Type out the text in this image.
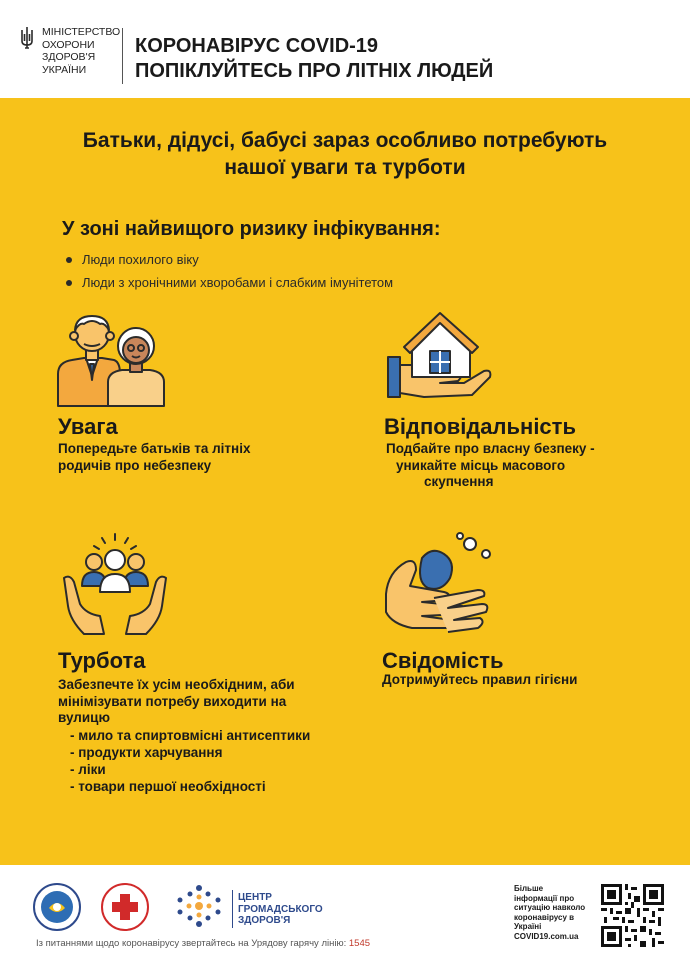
МІНІСТЕРСТВО
ОХОРОНИ
ЗДОРОВ'Я
УКРАЇНИ
КОРОНАВІРУС COVID-19
ПОПІКЛУЙТЕСЬ ПРО ЛІТНІХ ЛЮДЕЙ
Батьки, дідусі, бабусі зараз особливо потребують
нашої уваги та турботи
У зоні найвищого ризику інфікування:
Люди похилого віку
Люди з хронічними хворобами і слабким імунітетом
Увага
Попередьте батьків та літніх
родичів про небезпеку
Відповідальність
Подбайте про власну безпеку -
уникайте місць масового
скупчення
Турбота
Забезпечте їх усім необхідним, аби
мінімізувати потребу виходити на
вулицю
- мило та спиртовмісні антисептики
- продукти харчування
- ліки
- товари першої необхідності
Свідомість
Дотримуйтесь правил гігієни
ЦЕНТР
ГРОМАДСЬКОГО
ЗДОРОВ'Я
Із питаннями щодо коронавірусу звертайтесь на Урядову гарячу лінію: 1545
Більше
інформації про
ситуацію навколо
коронавірусу в
Україні
COVID19.com.ua
